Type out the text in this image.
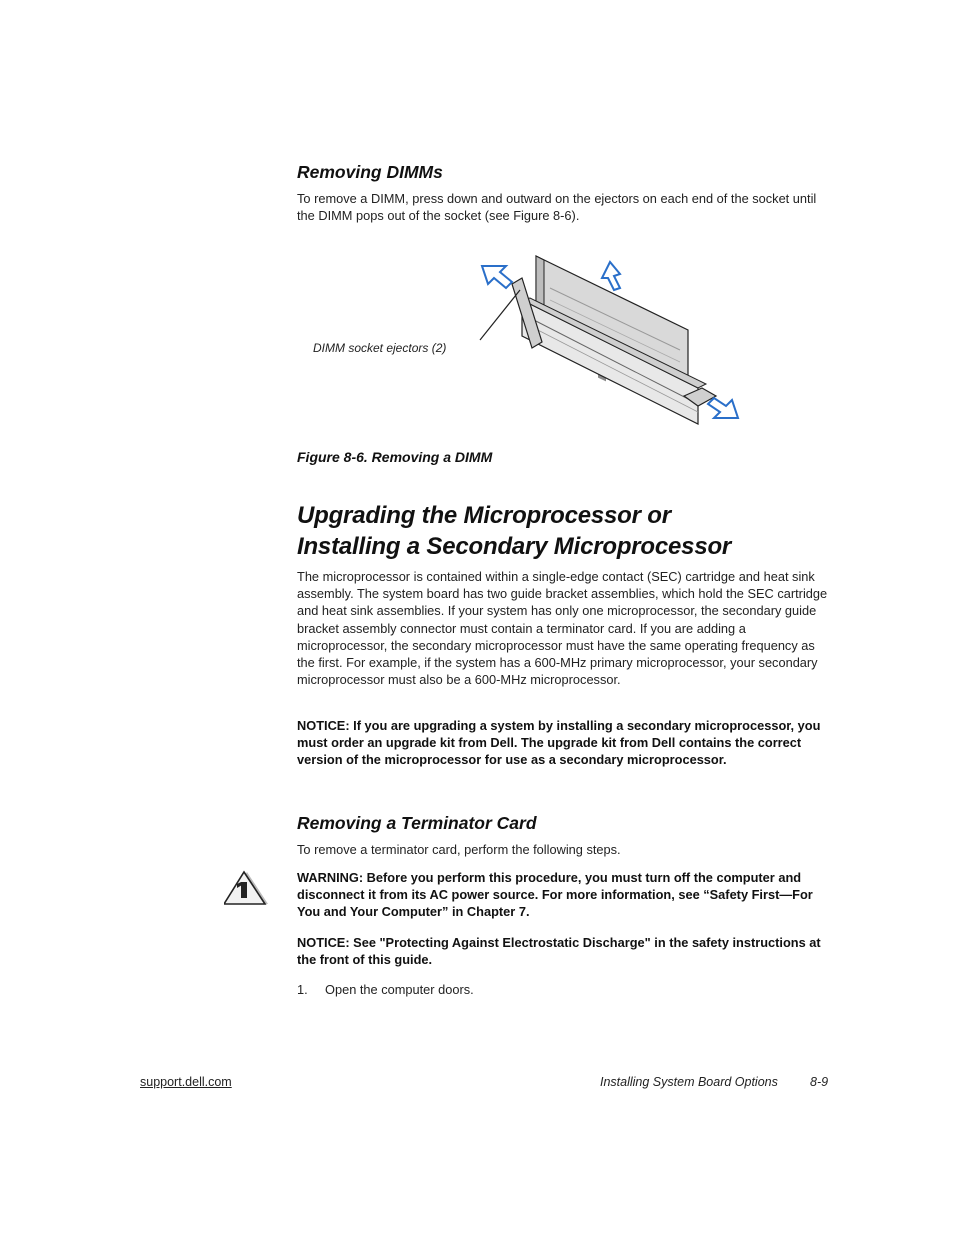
Removing DIMMs
To remove a DIMM, press down and outward on the ejectors on each end of the socket until the DIMM pops out of the socket (see Figure 8-6).
DIMM socket ejectors (2)
Figure 8-6. Removing a DIMM
Upgrading the Microprocessor or
Installing a Secondary Microprocessor
The microprocessor is contained within a single-edge contact (SEC) cartridge and heat sink assembly. The system board has two guide bracket assemblies, which hold the SEC cartridge and heat sink assemblies. If your system has only one microprocessor, the secondary guide bracket assembly connector must contain a terminator card. If you are adding a microprocessor, the secondary microprocessor must have the same operating frequency as the first. For example, if the system has a 600-MHz primary microprocessor, your secondary microprocessor must also be a 600-MHz microprocessor.
NOTICE: If you are upgrading a system by installing a secondary microprocessor, you must order an upgrade kit from Dell. The upgrade kit from Dell contains the correct version of the microprocessor for use as a secondary microprocessor.
Removing a Terminator Card
To remove a terminator card, perform the following steps.
WARNING: Before you perform this procedure, you must turn off the computer and disconnect it from its AC power source. For more information, see “Safety First—For You and Your Computer” in Chapter 7.
NOTICE: See "Protecting Against Electrostatic Discharge" in the safety instructions at the front of this guide.
1. Open the computer doors.
support.dell.com	Installing System Board Options	8-9
